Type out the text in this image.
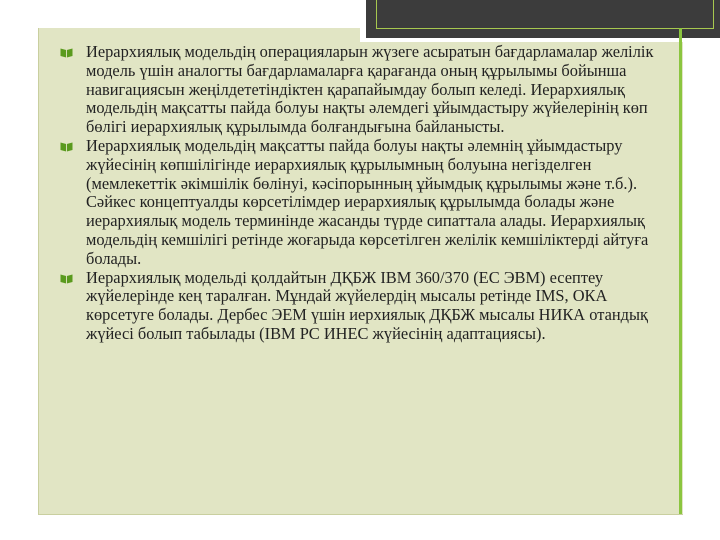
Иерархиялық модельдің операцияларын жүзеге асыратын бағдарламалар желілік модель үшін аналогты бағдарламаларға қарағанда оның құрылымы бойынша навигациясын жеңілдететіндіктен қарапайымдау болып келеді. Иерархиялық модельдің мақсатты пайда болуы нақты әлемдегі ұйымдастыру жүйелерінің көп бөлігі иерархиялық құрылымда болғандығына байланысты.

Иерархиялық модельдің мақсатты пайда болуы нақты әлемнің ұйымдастыру жүйесінің көпшілігінде иерархиялық құрылымның болуына негізделген (мемлекеттік әкімшілік бөлінуі, кәсіпорынның ұйымдық құрылымы және т.б.). Сәйкес концептуалды көрсетілімдер иерархиялық құрылымда болады және иерархиялық модель терминінде жасанды түрде сипаттала алады. Иерархиялық модельдің кемшілігі ретінде жоғарыда көрсетілген желілік кемшіліктерді айтуға болады.

Иерархиялық модельді қолдайтын ДҚБЖ IBM 360/370 (ЕС ЭВМ) есептеу жүйелерінде кең таралған. Мұндай жүйелердің мысалы ретінде IMS, ОКА көрсетуге болады. Дербес ЭЕМ үшін иерхиялық ДҚБЖ мысалы НИКА отандық жүйесі болып табылады (IBM PC ИНЕС жүйесінің адаптациясы).
